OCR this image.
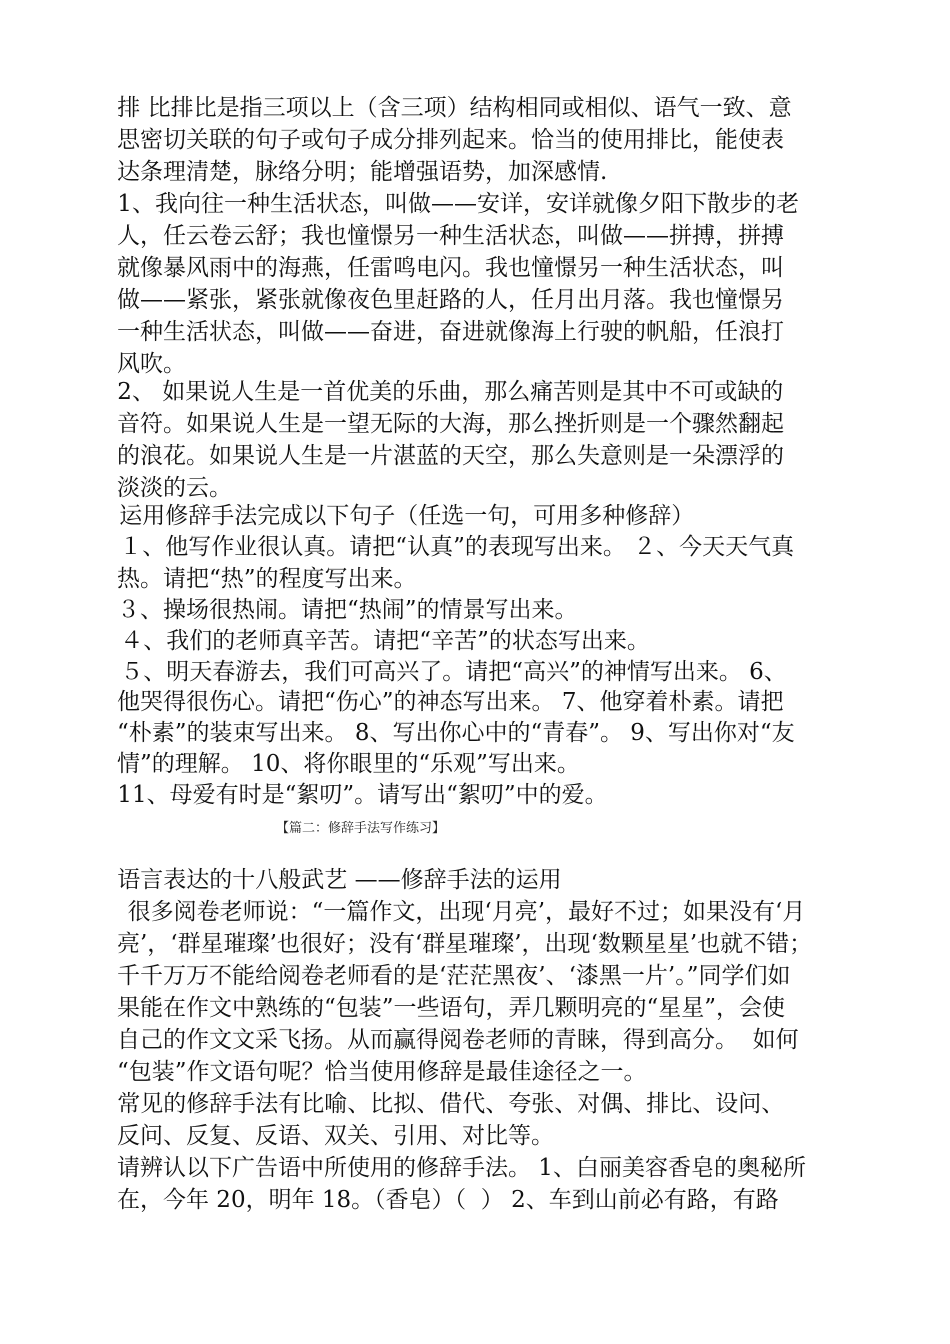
排 比排比是指三项以上（含三项）结构相同或相似、语气一致、意
思密切关联的句子或句子成分排列起来。恰当的使用排比，能使表
达条理清楚，脉络分明；能增强语势，加深感情.
1、我向往一种生活状态，叫做——安详，安详就像夕阳下散步的老
人，任云卷云舒；我也憧憬另一种生活状态，叫做——拼搏，拼搏
就像暴风雨中的海燕，任雷鸣电闪。我也憧憬另一种生活状态，叫
做——紧张，紧张就像夜色里赶路的人，任月出月落。我也憧憬另
一种生活状态，叫做——奋进，奋进就像海上行驶的帆船，任浪打
风吹。
2、 如果说人生是一首优美的乐曲，那么痛苦则是其中不可或缺的
音符。如果说人生是一望无际的大海，那么挫折则是一个骤然翻起
的浪花。如果说人生是一片湛蓝的天空，那么失意则是一朵漂浮的
淡淡的云。
运用修辞手法完成以下句子（任选一句，可用多种修辞）
１、他写作业很认真。请把“认真”的表现写出来。 ２、今天天气真
热。请把“热”的程度写出来。
３、操场很热闹。请把“热闹”的情景写出来。
４、我们的老师真辛苦。请把“辛苦”的状态写出来。
５、明天春游去，我们可高兴了。请把“高兴”的神情写出来。 6、
他哭得很伤心。请把“伤心”的神态写出来。 7、他穿着朴素。请把
“朴素”的装束写出来。 8、写出你心中的“青春”。 9、写出你对“友
情”的理解。 10、将你眼里的“乐观”写出来。
11、母爱有时是“絮叨”。请写出“絮叨”中的爱。
【篇二：修辞手法写作练习】
语言表达的十八般武艺 ——修辞手法的运用
很多阅卷老师说：“一篇作文，出现‘月亮’，最好不过；如果没有‘月
亮’，‘群星璀璨’也很好；没有‘群星璀璨’，出现‘数颗星星’也就不错；
千千万万不能给阅卷老师看的是‘茫茫黑夜’、‘漆黑一片’。”同学们如
果能在作文中熟练的“包装”一些语句，弄几颗明亮的“星星”，会使
自己的作文文采飞扬。从而赢得阅卷老师的青睐，得到高分。  如何
“包装”作文语句呢？恰当使用修辞是最佳途径之一。
常见的修辞手法有比喻、比拟、借代、夸张、对偶、排比、设问、
反问、反复、反语、双关、引用、对比等。
请辨认以下广告语中所使用的修辞手法。 1、白丽美容香皂的奥秘所
在，今年 20，明年 18。（香皂）（  ） 2、车到山前必有路，有路
